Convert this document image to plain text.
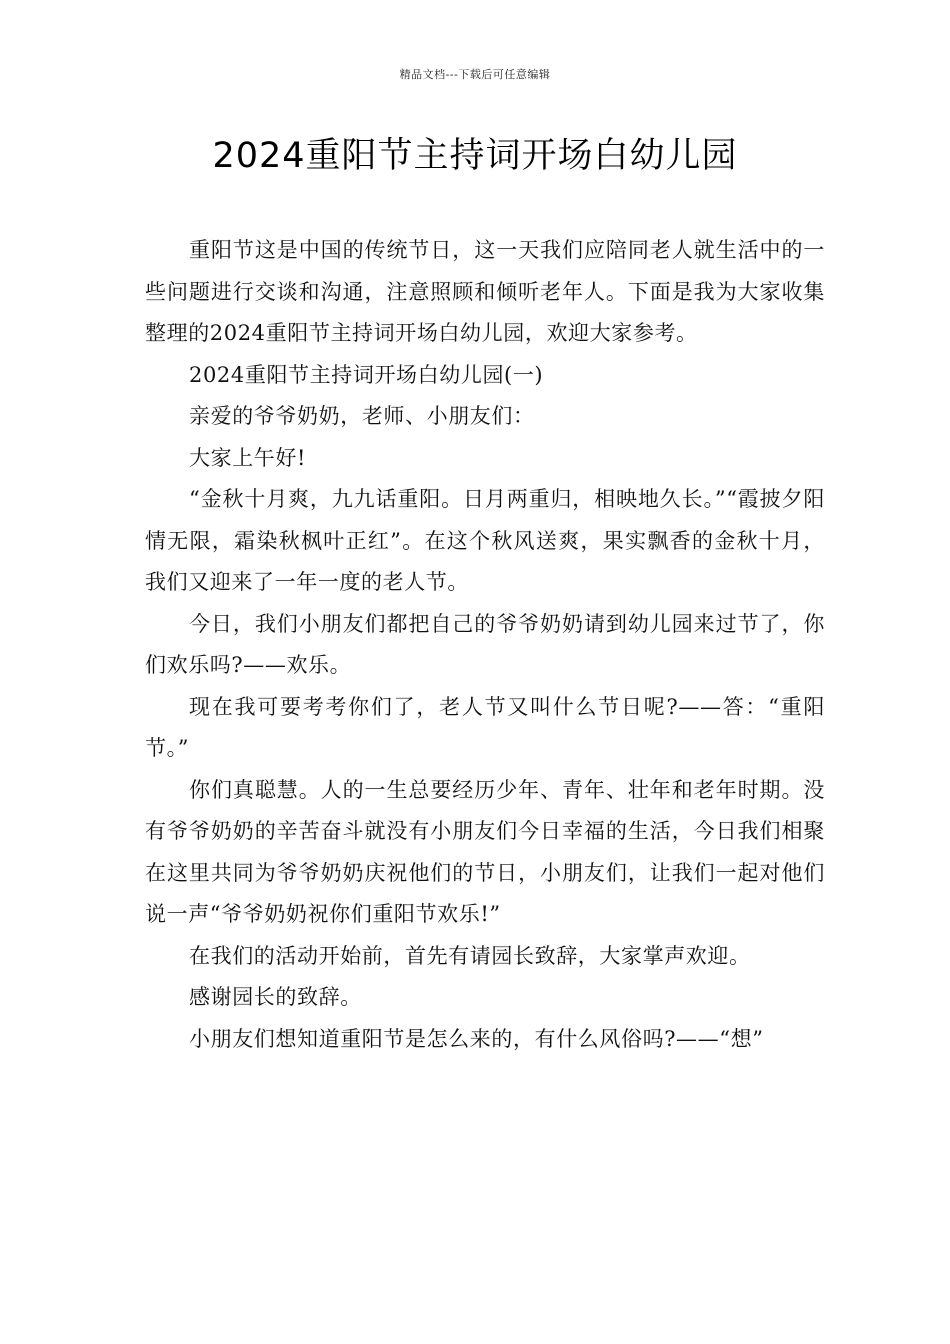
精品文档---下载后可任意编辑
2024重阳节主持词开场白幼儿园

重阳节这是中国的传统节日，这一天我们应陪同老人就生活中的一些问题进行交谈和沟通，注意照顾和倾听老年人。下面是我为大家收集整理的2024重阳节主持词开场白幼儿园，欢迎大家参考。

2024重阳节主持词开场白幼儿园(一)

亲爱的爷爷奶奶，老师、小朋友们：

大家上午好!

“金秋十月爽，九九话重阳。日月两重归，相映地久长。”“霞披夕阳情无限，霜染秋枫叶正红”。在这个秋风送爽，果实飘香的金秋十月，我们又迎来了一年一度的老人节。

今日，我们小朋友们都把自己的爷爷奶奶请到幼儿园来过节了，你们欢乐吗?——欢乐。

现在我可要考考你们了，老人节又叫什么节日呢?——答：“重阳节。”

你们真聪慧。人的一生总要经历少年、青年、壮年和老年时期。没有爷爷奶奶的辛苦奋斗就没有小朋友们今日幸福的生活，今日我们相聚在这里共同为爷爷奶奶庆祝他们的节日，小朋友们，让我们一起对他们说一声“爷爷奶奶祝你们重阳节欢乐!”

在我们的活动开始前，首先有请园长致辞，大家掌声欢迎。

感谢园长的致辞。

小朋友们想知道重阳节是怎么来的，有什么风俗吗?——“想”
